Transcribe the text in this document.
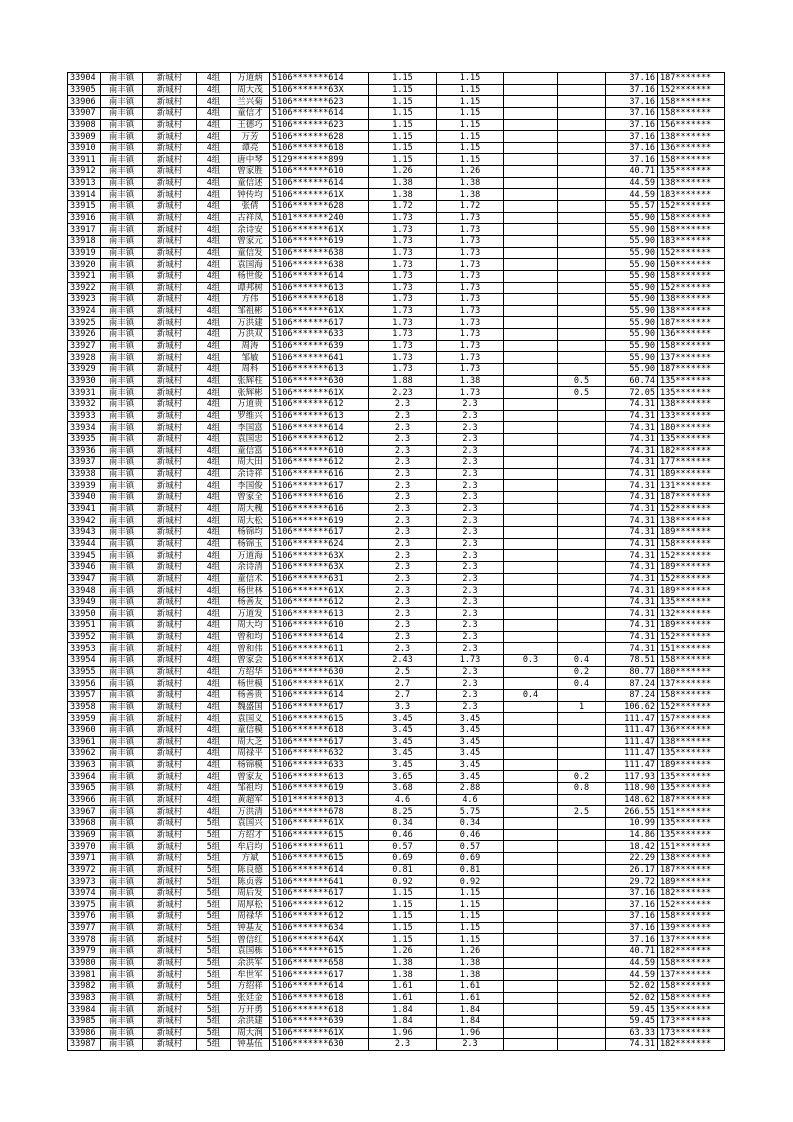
33904	南丰镇	新城村	4组	万道炳	5106*******614	1.15	1.15			37.16	187*******
33905	南丰镇	新城村	4组	周大茂	5106*******63X	1.15	1.15			37.16	152*******
33906	南丰镇	新城村	4组	兰兴菊	5106*******623	1.15	1.15			37.16	158*******
33907	南丰镇	新城村	4组	童信才	5106*******614	1.15	1.15			37.16	158*******
33908	南丰镇	新城村	4组	王德巧	5106*******623	1.15	1.15			37.16	156*******
33909	南丰镇	新城村	4组	万芳	5106*******628	1.15	1.15			37.16	138*******
33910	南丰镇	新城村	4组	谭亮	5106*******618	1.15	1.15			37.16	136*******
33911	南丰镇	新城村	4组	唐中琴	5129*******899	1.15	1.15			37.16	158*******
33912	南丰镇	新城村	4组	曾家胜	5106*******610	1.26	1.26			40.71	135*******
33913	南丰镇	新城村	4组	童信述	5106*******614	1.38	1.38			44.59	138*******
33914	南丰镇	新城村	4组	钟传均	5106*******61X	1.38	1.38			44.59	183*******
33915	南丰镇	新城村	4组	张倩	5106*******628	1.72	1.72			55.57	152*******
33916	南丰镇	新城村	4组	古祥凤	5101*******240	1.73	1.73			55.90	158*******
33917	南丰镇	新城村	4组	余诗安	5106*******61X	1.73	1.73			55.90	158*******
33918	南丰镇	新城村	4组	曾家元	5106*******619	1.73	1.73			55.90	183*******
33919	南丰镇	新城村	4组	童信发	5106*******638	1.73	1.73			55.90	152*******
33920	南丰镇	新城村	4组	袁国海	5106*******638	1.73	1.73			55.90	150*******
33921	南丰镇	新城村	4组	杨世俊	5106*******614	1.73	1.73			55.90	158*******
33922	南丰镇	新城村	4组	谭邦树	5106*******613	1.73	1.73			55.90	152*******
33923	南丰镇	新城村	4组	方伟	5106*******618	1.73	1.73			55.90	138*******
33924	南丰镇	新城村	4组	邹祖彬	5106*******61X	1.73	1.73			55.90	138*******
33925	南丰镇	新城村	4组	万洪建	5106*******617	1.73	1.73			55.90	187*******
33926	南丰镇	新城村	4组	万洪双	5106*******633	1.73	1.73			55.90	136*******
33927	南丰镇	新城村	4组	周涛	5106*******639	1.73	1.73			55.90	158*******
33928	南丰镇	新城村	4组	邹敏	5106*******641	1.73	1.73			55.90	137*******
33929	南丰镇	新城村	4组	周科	5106*******613	1.73	1.73			55.90	187*******
33930	南丰镇	新城村	4组	张辉柱	5106*******630	1.88	1.38		0.5	60.74	135*******
33931	南丰镇	新城村	4组	张辉彬	5106*******61X	2.23	1.73		0.5	72.05	135*******
33932	南丰镇	新城村	4组	万道贵	5106*******612	2.3	2.3			74.31	138*******
33933	南丰镇	新城村	4组	罗维兴	5106*******613	2.3	2.3			74.31	133*******
33934	南丰镇	新城村	4组	李国富	5106*******614	2.3	2.3			74.31	180*******
33935	南丰镇	新城村	4组	袁国忠	5106*******612	2.3	2.3			74.31	135*******
33936	南丰镇	新城村	4组	童信富	5106*******610	2.3	2.3			74.31	182*******
33937	南丰镇	新城村	4组	周大田	5106*******612	2.3	2.3			74.31	177*******
33938	南丰镇	新城村	4组	余诗祥	5106*******616	2.3	2.3			74.31	189*******
33939	南丰镇	新城村	4组	李国俊	5106*******617	2.3	2.3			74.31	131*******
33940	南丰镇	新城村	4组	曾家全	5106*******616	2.3	2.3			74.31	187*******
33941	南丰镇	新城村	4组	周大槐	5106*******616	2.3	2.3			74.31	152*******
33942	南丰镇	新城村	4组	周大松	5106*******619	2.3	2.3			74.31	138*******
33943	南丰镇	新城村	4组	杨锦均	5106*******617	2.3	2.3			74.31	189*******
33944	南丰镇	新城村	4组	杨锦玉	5106*******624	2.3	2.3			74.31	158*******
33945	南丰镇	新城村	4组	万道海	5106*******63X	2.3	2.3			74.31	152*******
33946	南丰镇	新城村	4组	余诗清	5106*******63X	2.3	2.3			74.31	189*******
33947	南丰镇	新城村	4组	童信术	5106*******631	2.3	2.3			74.31	152*******
33948	南丰镇	新城村	4组	杨世林	5106*******61X	2.3	2.3			74.31	189*******
33949	南丰镇	新城村	4组	杨善友	5106*******612	2.3	2.3			74.31	135*******
33950	南丰镇	新城村	4组	万道发	5106*******613	2.3	2.3			74.31	132*******
33951	南丰镇	新城村	4组	周大均	5106*******610	2.3	2.3			74.31	189*******
33952	南丰镇	新城村	4组	曾和均	5106*******614	2.3	2.3			74.31	152*******
33953	南丰镇	新城村	4组	曾和伟	5106*******611	2.3	2.3			74.31	151*******
33954	南丰镇	新城村	4组	曾家会	5106*******61X	2.43	1.73	0.3	0.4	78.51	158*******
33955	南丰镇	新城村	4组	方绍华	5106*******630	2.5	2.3		0.2	80.77	180*******
33956	南丰镇	新城村	4组	杨世模	5106*******61X	2.7	2.3		0.4	87.24	137*******
33957	南丰镇	新城村	4组	杨善贵	5106*******614	2.7	2.3	0.4		87.24	158*******
33958	南丰镇	新城村	4组	魏盛国	5106*******617	3.3	2.3		1	106.62	152*******
33959	南丰镇	新城村	4组	袁国义	5106*******615	3.45	3.45			111.47	157*******
33960	南丰镇	新城村	4组	童信模	5106*******618	3.45	3.45			111.47	136*******
33961	南丰镇	新城村	4组	周大芝	5106*******617	3.45	3.45			111.47	138*******
33962	南丰镇	新城村	4组	周禄平	5106*******632	3.45	3.45			111.47	135*******
33963	南丰镇	新城村	4组	杨锦模	5106*******633	3.45	3.45			111.47	189*******
33964	南丰镇	新城村	4组	曾家友	5106*******613	3.65	3.45		0.2	117.93	135*******
33965	南丰镇	新城村	4组	邹祖均	5106*******619	3.68	2.88		0.8	118.90	135*******
33966	南丰镇	新城村	4组	黄超军	5101*******013	4.6	4.6			148.62	187*******
33967	南丰镇	新城村	4组	万洪清	5106*******678	8.25	5.75		2.5	266.55	151*******
33968	南丰镇	新城村	5组	袁国兴	5106*******61X	0.34	0.34			10.99	135*******
33969	南丰镇	新城村	5组	方绍才	5106*******615	0.46	0.46			14.86	135*******
33970	南丰镇	新城村	5组	牟启均	5106*******611	0.57	0.57			18.42	151*******
33971	南丰镇	新城村	5组	方斌	5106*******615	0.69	0.69			22.29	138*******
33972	南丰镇	新城村	5组	陈良德	5106*******614	0.81	0.81			26.17	187*******
33973	南丰镇	新城村	5组	陈贞蓉	5106*******641	0.92	0.92			29.72	189*******
33974	南丰镇	新城村	5组	周后发	5106*******617	1.15	1.15			37.16	182*******
33975	南丰镇	新城村	5组	周厚松	5106*******612	1.15	1.15			37.16	152*******
33976	南丰镇	新城村	5组	周禄华	5106*******612	1.15	1.15			37.16	158*******
33977	南丰镇	新城村	5组	钟基友	5106*******634	1.15	1.15			37.16	139*******
33978	南丰镇	新城村	5组	曾信红	5106*******64X	1.15	1.15			37.16	137*******
33979	南丰镇	新城村	5组	袁国栋	5106*******615	1.26	1.26			40.71	182*******
33980	南丰镇	新城村	5组	余洪军	5106*******658	1.38	1.38			44.59	158*******
33981	南丰镇	新城村	5组	牟世军	5106*******617	1.38	1.38			44.59	137*******
33982	南丰镇	新城村	5组	方绍祥	5106*******614	1.61	1.61			52.02	158*******
33983	南丰镇	新城村	5组	张廷金	5106*******618	1.61	1.61			52.02	158*******
33984	南丰镇	新城村	5组	万开勇	5106*******618	1.84	1.84			59.45	135*******
33985	南丰镇	新城村	5组	余洪建	5106*******639	1.84	1.84			59.45	173*******
33986	南丰镇	新城村	5组	周大润	5106*******61X	1.96	1.96			63.33	173*******
33987	南丰镇	新城村	5组	钟基伍	5106*******630	2.3	2.3			74.31	182*******
